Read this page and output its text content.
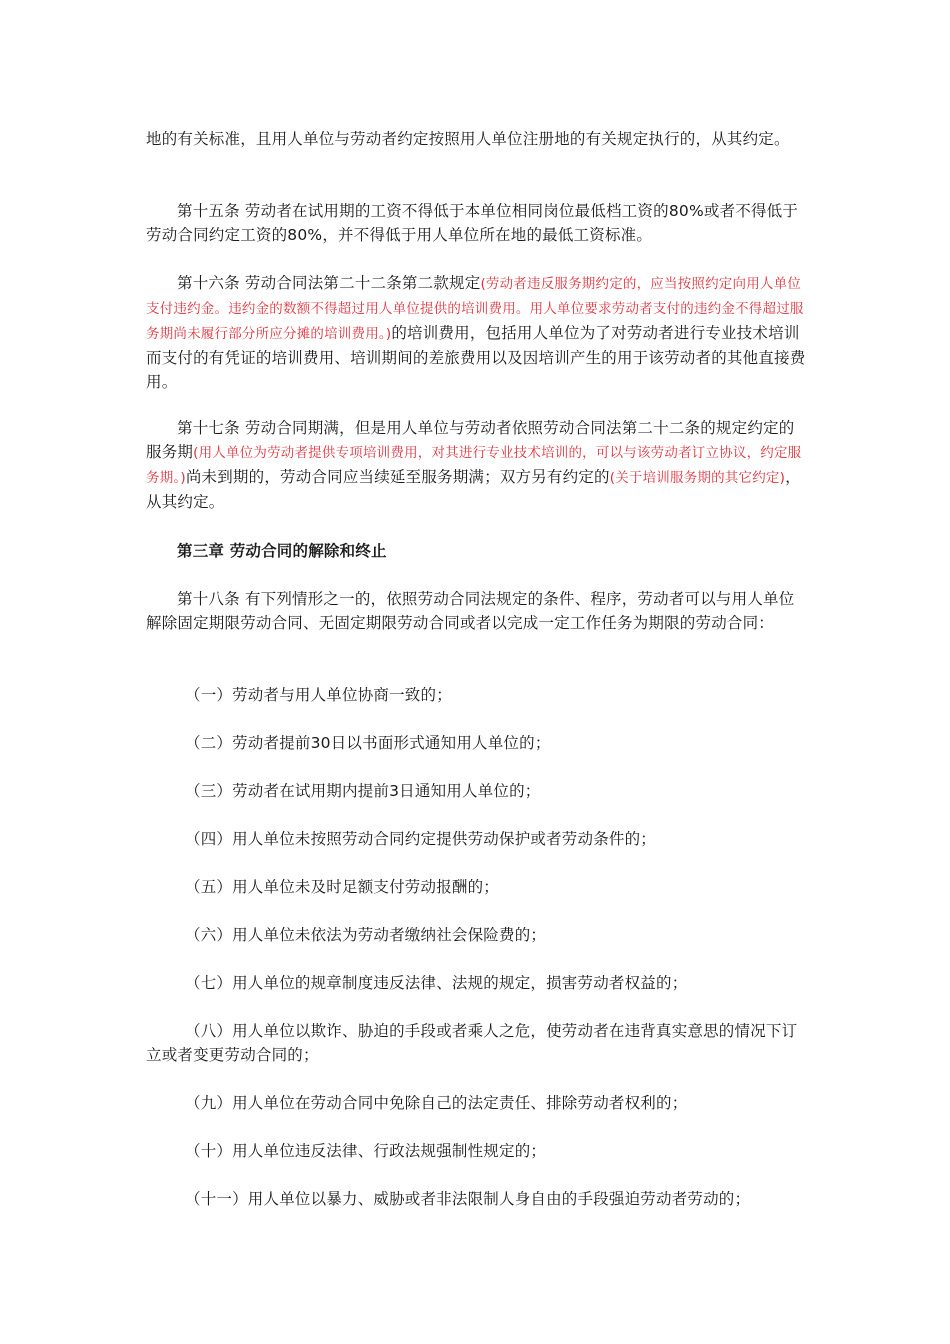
地的有关标准，且用人单位与劳动者约定按照用人单位注册地的有关规定执行的，从其约定。

第十五条 劳动者在试用期的工资不得低于本单位相同岗位最低档工资的80%或者不得低于劳动合同约定工资的80%，并不得低于用人单位所在地的最低工资标准。

第十六条 劳动合同法第二十二条第二款规定(劳动者违反服务期约定的，应当按照约定向用人单位支付违约金。违约金的数额不得超过用人单位提供的培训费用。用人单位要求劳动者支付的违约金不得超过服务期尚未履行部分所应分摊的培训费用。)的培训费用，包括用人单位为了对劳动者进行专业技术培训而支付的有凭证的培训费用、培训期间的差旅费用以及因培训产生的用于该劳动者的其他直接费用。

第十七条 劳动合同期满，但是用人单位与劳动者依照劳动合同法第二十二条的规定约定的服务期(用人单位为劳动者提供专项培训费用，对其进行专业技术培训的，可以与该劳动者订立协议，约定服务期。)尚未到期的，劳动合同应当续延至服务期满；双方另有约定的(关于培训服务期的其它约定)，从其约定。

第三章 劳动合同的解除和终止

第十八条 有下列情形之一的，依照劳动合同法规定的条件、程序，劳动者可以与用人单位解除固定期限劳动合同、无固定期限劳动合同或者以完成一定工作任务为期限的劳动合同：

（一）劳动者与用人单位协商一致的；

（二）劳动者提前30日以书面形式通知用人单位的；

（三）劳动者在试用期内提前3日通知用人单位的；

（四）用人单位未按照劳动合同约定提供劳动保护或者劳动条件的；

（五）用人单位未及时足额支付劳动报酬的；

（六）用人单位未依法为劳动者缴纳社会保险费的；

（七）用人单位的规章制度违反法律、法规的规定，损害劳动者权益的；

（八）用人单位以欺诈、胁迫的手段或者乘人之危，使劳动者在违背真实意思的情况下订立或者变更劳动合同的；

（九）用人单位在劳动合同中免除自己的法定责任、排除劳动者权利的；

（十）用人单位违反法律、行政法规强制性规定的；

（十一）用人单位以暴力、威胁或者非法限制人身自由的手段强迫劳动者劳动的；
